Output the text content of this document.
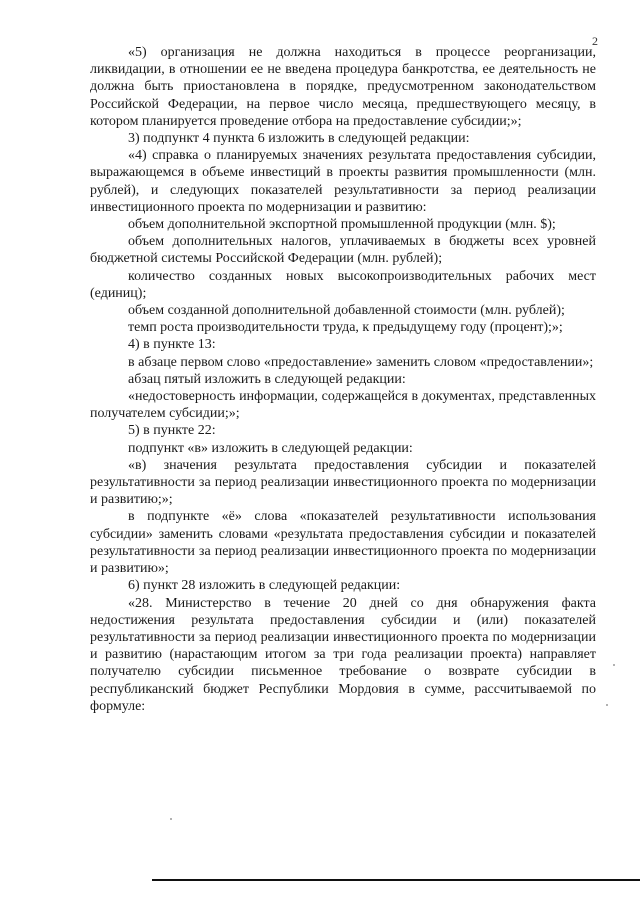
2

«5) организация не должна находиться в процессе реорганизации, ликвидации, в отношении ее не введена процедура банкротства, ее деятельность не должна быть приостановлена в порядке, предусмотренном законодательством Российской Федерации, на первое число месяца, предшествующего месяцу, в котором планируется проведение отбора на предоставление субсидии;»;

3) подпункт 4 пункта 6 изложить в следующей редакции:

«4) справка о планируемых значениях результата предоставления субсидии, выражающемся в объеме инвестиций в проекты развития промышленности (млн. рублей), и следующих показателей результативности за период реализации инвестиционного проекта по модернизации и развитию:

объем дополнительной экспортной промышленной продукции (млн. $);

объем дополнительных налогов, уплачиваемых в бюджеты всех уровней бюджетной системы Российской Федерации (млн. рублей);

количество созданных новых высокопроизводительных рабочих мест (единиц);

объем созданной дополнительной добавленной стоимости (млн. рублей);

темп роста производительности труда, к предыдущему году (процент);»;

4) в пункте 13:

в абзаце первом слово «предоставление» заменить словом «предоставлении»;

абзац пятый изложить в следующей редакции:

«недостоверность информации, содержащейся в документах, представленных получателем субсидии;»;

5) в пункте 22:

подпункт «в» изложить в следующей редакции:

«в) значения результата предоставления субсидии и показателей результативности за период реализации инвестиционного проекта по модернизации и развитию;»;

в подпункте «ё» слова «показателей результативности использования субсидии» заменить словами «результата предоставления субсидии и показателей результативности за период реализации инвестиционного проекта по модернизации и развитию»;

6) пункт 28 изложить в следующей редакции:

«28. Министерство в течение 20 дней со дня обнаружения факта недостижения результата предоставления субсидии и (или) показателей результативности за период реализации инвестиционного проекта по модернизации и развитию (нарастающим итогом за три года реализации проекта) направляет получателю субсидии письменное требование о возврате субсидии в республиканский бюджет Республики Мордовия в сумме, рассчитываемой по формуле:
